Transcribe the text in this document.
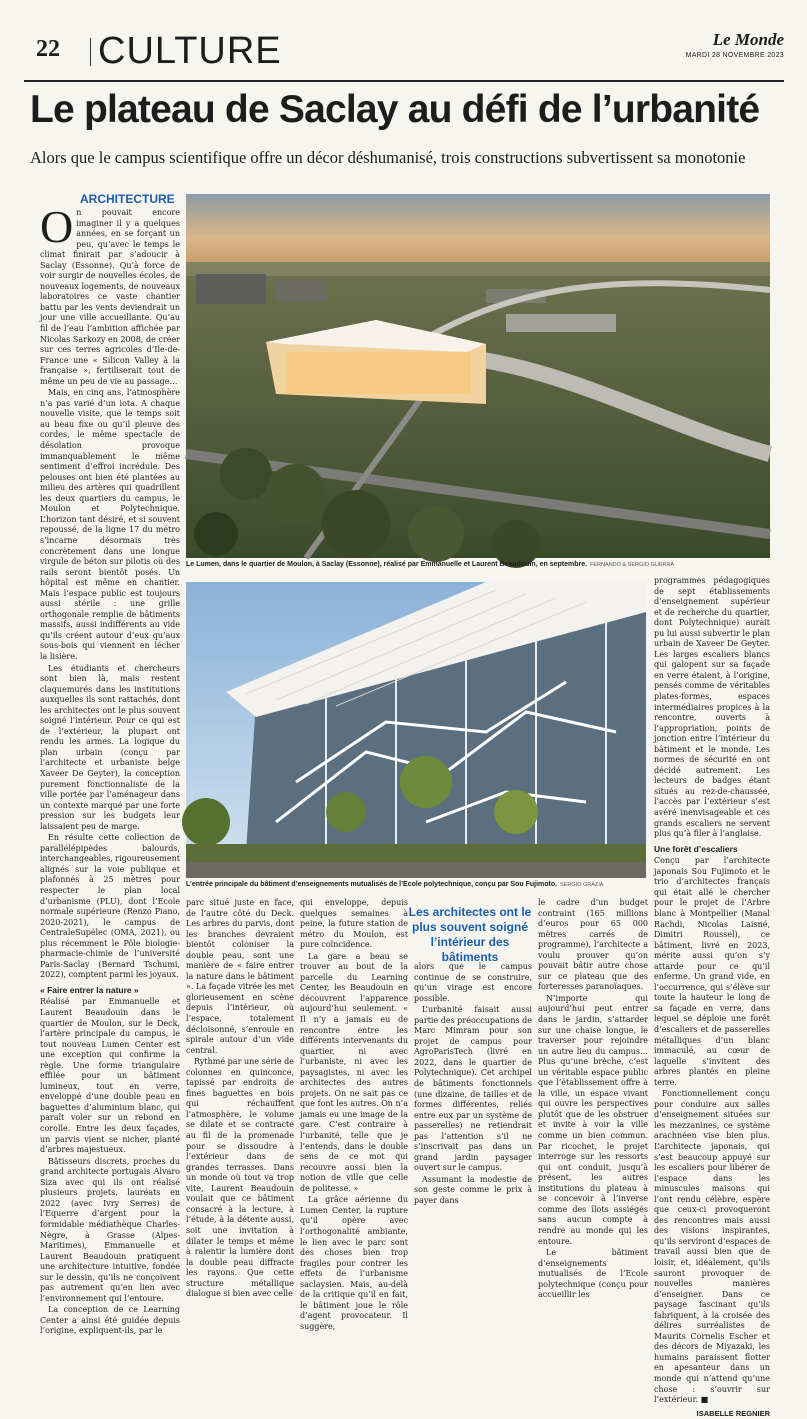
22 CULTURE	Le Monde
MARDI 28 NOVEMBRE 2023
Le plateau de Saclay au défi de l’urbanité
Alors que le campus scientifique offre un décor déshumanisé, trois constructions subvertissent sa monotonie
ARCHITECTURE

On pouvait encore imaginer il y a quelques années, en se forçant un peu, qu’avec le temps le climat finirait par s’adoucir à Saclay (Essonne). Qu’à force de voir surgir de nouvelles écoles, de nouveaux logements, de nouveaux laboratoires ce vaste chantier battu par les vents deviendrait un jour une ville accueillante. Qu’au fil de l’eau l’ambition affichée par Nicolas Sarkozy en 2008, de créer sur ces terres agricoles d’Ile-de-France une « Silicon Valley à la française », fertiliserait tout de même un peu de vie au passage…

Mais, en cinq ans, l’atmosphère n’a pas varié d’un iota. A chaque nouvelle visite, que le temps soit au beau fixe ou qu’il pleuve des cordes, le même spectacle de désolation provoque immanquablement le même sentiment d’effroi incrédule. Des pelouses ont bien été plantées au milieu des artères qui quadrillent les deux quartiers du campus, le Moulon et Polytechnique. L’horizon tant désiré, et si souvent repoussé, de la ligne 17 du métro s’incarne désormais très concrètement dans une longue virgule de béton sur pilotis où des rails seront bientôt posés. Un hôpital est même en chantier. Mais l’espace public est toujours aussi stérile : une grille orthogonale remplie de bâtiments massifs, aussi indifférents au vide qu’ils créent autour d’eux qu’aux sous-bois qui viennent en lécher la lisière.

Les étudiants et chercheurs sont bien là, mais restent claquemurés dans les institutions auxquelles ils sont rattachés, dont les architectes ont le plus souvent soigné l’intérieur. Pour ce qui est de l’extérieur, la plupart ont rendu les armes. La logique du plan urbain (conçu par l’architecte et urbaniste belge Xaveer De Geyter), la conception purement fonctionnaliste de la ville portée par l’aménageur dans un contexte marqué par une forte pression sur les budgets leur laissaient peu de marge.

En résulte cette collection de parallélépipèdes balourds, interchangeables, rigoureusement alignés sur la voie publique et plafonnés à 25 mètres pour respecter le plan local d’urbanisme (PLU), dont l’Ecole normale supérieure (Renzo Piano, 2020-2021), le campus de CentraleSupélec (OMA, 2021), ou plus récemment le Pôle biologie-pharmacie-chimie de l’université Paris-Saclay (Bernard Tschumi, 2022), comptent parmi les joyaux.

« Faire entrer la nature »

Réalisé par Emmanuelle et Laurent Beaudouin dans le quartier de Moulon, sur le Deck, l’artère principale du campus, le tout nouveau Lumen Center est une exception qui confirme la règle. Une forme triangulaire effilée pour un bâtiment lumineux, tout en verre, enveloppé d’une double peau en baguettes d’aluminium blanc, qui paraît voler sur un rebond en corolle. Entre les deux façades, un parvis vient se nicher, planté d’arbres majestueux.

Bâtisseurs discrets, proches du grand architecte portugais Alvaro Siza avec qui ils ont réalisé plusieurs projets, lauréats en 2022 (avec Ivry Serres) de l’Equerre d’argent pour la formidable médiathèque Charles-Nègre, à Grasse (Alpes-Maritimes), Emmanuelle et Laurent Beaudouin pratiquent une architecture intuitive, fondée sur le dessin, qu’ils ne conçoivent pas autrement qu’en lien avec l’environnement qui l’entoure.

La conception de ce Learning Center a ainsi été guidée depuis l’origine, expliquent-ils, par le

Le Lumen, dans le quartier de Moulon, à Saclay (Essonne), réalisé par Emmanuelle et Laurent Beaudouin, en septembre. FERNANDO & SERGIO GUERRA

programmes pédagogiques de sept établissements d’enseignement supérieur et de recherche du quartier, dont Polytechnique) aurait pu lui aussi subvertir le plan urbain de Xaveer De Geyter. Les larges escaliers blancs qui galopent sur sa façade en verre étaient, à l’origine, pensés comme de véritables plates-formes, espaces intermédiaires propices à la rencontre, ouverts à l’appropriation, points de jonction entre l’intérieur du bâtiment et le monde. Les normes de sécurité en ont décidé autrement. Les lecteurs de badges étant situés au rez-de-chaussée, l’accès par l’extérieur s’est avéré inenvisageable et ces grands escaliers ne servent plus qu’à filer à l’anglaise.

Une forêt d’escaliers

Conçu par l’architecte japonais Sou Fujimoto et le trio d’architectes français qui était allé le chercher pour le projet de l’Arbre blanc à Montpellier (Manal Rachdi, Nicolas Laisné, Dimitri Roussel), ce bâtiment, livré en 2023, mérite aussi qu’on s’y attarde pour ce qu’il enferme. Un grand vide, en l’occurrence, qui s’élève sur toute la hauteur le long de sa façade en verre, dans lequel se déploie une forêt d’escaliers et de passerelles métalliques d’un blanc immaculé, au cœur de laquelle s’invitent des arbres plantés en pleine terre.

Fonctionnellement conçu pour conduire aux salles d’enseignement situées sur les mezzanines, ce système arachnéen vise bien plus. L’architecte japonais, qui s’est beaucoup appuyé sur les escaliers pour libérer de l’espace dans les minuscules maisons qui l’ont rendu célèbre, espère que ceux-ci provoqueront des rencontres mais aussi des visions inspirantes, qu’ils serviront d’espaces de travail aussi bien que de loisir, et, idéalement, qu’ils sauront provoquer de nouvelles manières d’enseigner. Dans ce paysage fascinant qu’ils fabriquent, à la croisée des délires surréalistes de Maurits Cornelis Escher et des décors de Miyazaki, les humains paraissent flotter en apesanteur dans un monde qui n’attend qu’une chose : s’ouvrir sur l’extérieur. ■

ISABELLE REGNIER
L’entrée principale du bâtiment d’enseignements mutualisés de l’Ecole polytechnique, conçu par Sou Fujimoto. SERGIO GRAZIA

parc situé juste en face, de l’autre côté du Deck. Les arbres du parvis, dont les branches devraient bientôt coloniser la double peau, sont une manière de « faire entrer la nature dans le bâtiment ». La façade vitrée les met glorieusement en scène depuis l’intérieur, où l’espace, totalement décloisonné, s’enroule en spirale autour d’un vide central.

Rythmé par une série de colonnes en quinconce, tapissé par endroits de fines baguettes en bois qui réchauffent l’atmosphère, le volume se dilate et se contracte au fil de la promenade pour se dissoudre à l’extérieur dans de grandes terrasses. Dans un monde où tout va trop vite, Laurent Beaudouin voulait que ce bâtiment consacré à la lecture, à l’étude, à la détente aussi, soit une invitation à dilater le temps et même à ralentir la lumière dont la double peau diffracte les rayons. Que cette structure métallique dialogue si bien avec celle

qui enveloppe, depuis quelques semaines à peine, la future station de métro du Moulon, est pure coïncidence.

La gare a beau se trouver au bout de la parcelle du Learning Center, les Beaudouin en découvrent l’apparence aujourd’hui seulement. « Il n’y a jamais eu de rencontre entre les différents intervenants du quartier, ni avec l’urbaniste, ni avec les paysagistes, ni avec les architectes des autres projets. On ne sait pas ce que font les autres. On n’a jamais eu une image de la gare. C’est contraire à l’urbanité, telle que je l’entends, dans le double sens de ce mot qui recouvre aussi bien la notion de ville que celle de politesse. »

La grâce aérienne du Lumen Center, la rupture qu’il opère avec l’orthogonalité ambiante, le lien avec le parc sont des choses bien trop fragiles pour contrer les effets de l’urbanisme saclaysien. Mais, au-delà de la critique qu’il en fait, le bâtiment joue le rôle d’agent provocateur. Il suggère,

Les architectes ont le plus souvent soigné l’intérieur des bâtiments

alors que le campus continue de se construire, qu’un virage est encore possible.

L’urbanité faisait aussi partie des préoccupations de Marc Mimram pour son projet de campus pour AgroParisTech (livré en 2022, dans le quartier de Polytechnique). Cet archipel de bâtiments fonctionnels (une dizaine, de tailles et de formes différentes, reliés entre eux par un système de passerelles) ne retiendrait pas l’attention s’il ne s’inscrivait pas dans un grand jardin paysager ouvert sur le campus.

Assumant la modestie de son geste comme le prix à payer dans

le cadre d’un budget contraint (165 millions d’euros pour 65 000 mètres carrés de programme), l’architecte a voulu prouver qu’on pouvait bâtir autre chose sur ce plateau que des forteresses paranoïaques.

N’importe qui aujourd’hui peut entrer dans le jardin, s’attarder sur une chaise longue, le traverser pour rejoindre un autre lieu du campus… Plus qu’une brèche, c’est un véritable espace public que l’établissement offre à la ville, un espace vivant qui ouvre les perspectives plutôt que de les obstruer et invite à voir la ville comme un bien commun. Par ricochet, le projet interroge sur les ressorts qui ont conduit, jusqu’à présent, les autres institutions du plateau à se concevoir à l’inverse comme des îlots assiégés sans aucun compte à rendre au monde qui les entoure.

Le bâtiment d’enseignements mutualisés de l’Ecole polytechnique (conçu pour accueillir les
